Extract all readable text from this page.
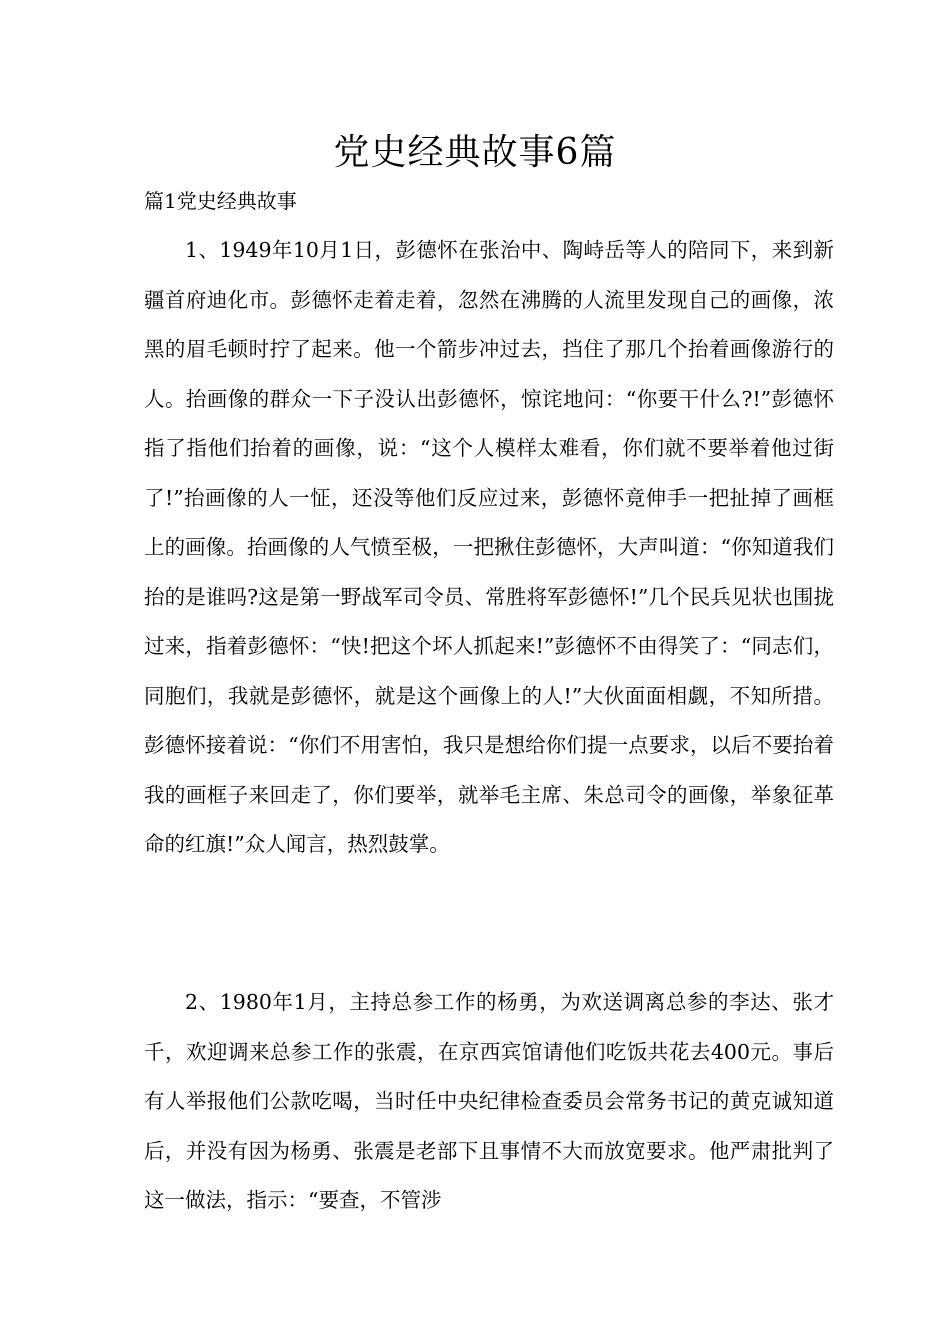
党史经典故事6篇
篇1党史经典故事

1、1949年10月1日，彭德怀在张治中、陶峙岳等人的陪同下，来到新疆首府迪化市。彭德怀走着走着，忽然在沸腾的人流里发现自己的画像，浓黑的眉毛顿时拧了起来。他一个箭步冲过去，挡住了那几个抬着画像游行的人。抬画像的群众一下子没认出彭德怀，惊诧地问：“你要干什么?!”彭德怀指了指他们抬着的画像，说：“这个人模样太难看，你们就不要举着他过街了!”抬画像的人一怔，还没等他们反应过来，彭德怀竟伸手一把扯掉了画框上的画像。抬画像的人气愤至极，一把揪住彭德怀，大声叫道：“你知道我们抬的是谁吗?这是第一野战军司令员、常胜将军彭德怀!”几个民兵见状也围拢过来，指着彭德怀：“快!把这个坏人抓起来!”彭德怀不由得笑了：“同志们，同胞们，我就是彭德怀，就是这个画像上的人!”大伙面面相觑，不知所措。彭德怀接着说：“你们不用害怕，我只是想给你们提一点要求，以后不要抬着我的画框子来回走了，你们要举，就举毛主席、朱总司令的画像，举象征革命的红旗!”众人闻言，热烈鼓掌。

2、1980年1月，主持总参工作的杨勇，为欢送调离总参的李达、张才千，欢迎调来总参工作的张震，在京西宾馆请他们吃饭共花去400元。事后有人举报他们公款吃喝，当时任中央纪律检查委员会常务书记的黄克诚知道后，并没有因为杨勇、张震是老部下且事情不大而放宽要求。他严肃批判了这一做法，指示：“要查，不管涉
